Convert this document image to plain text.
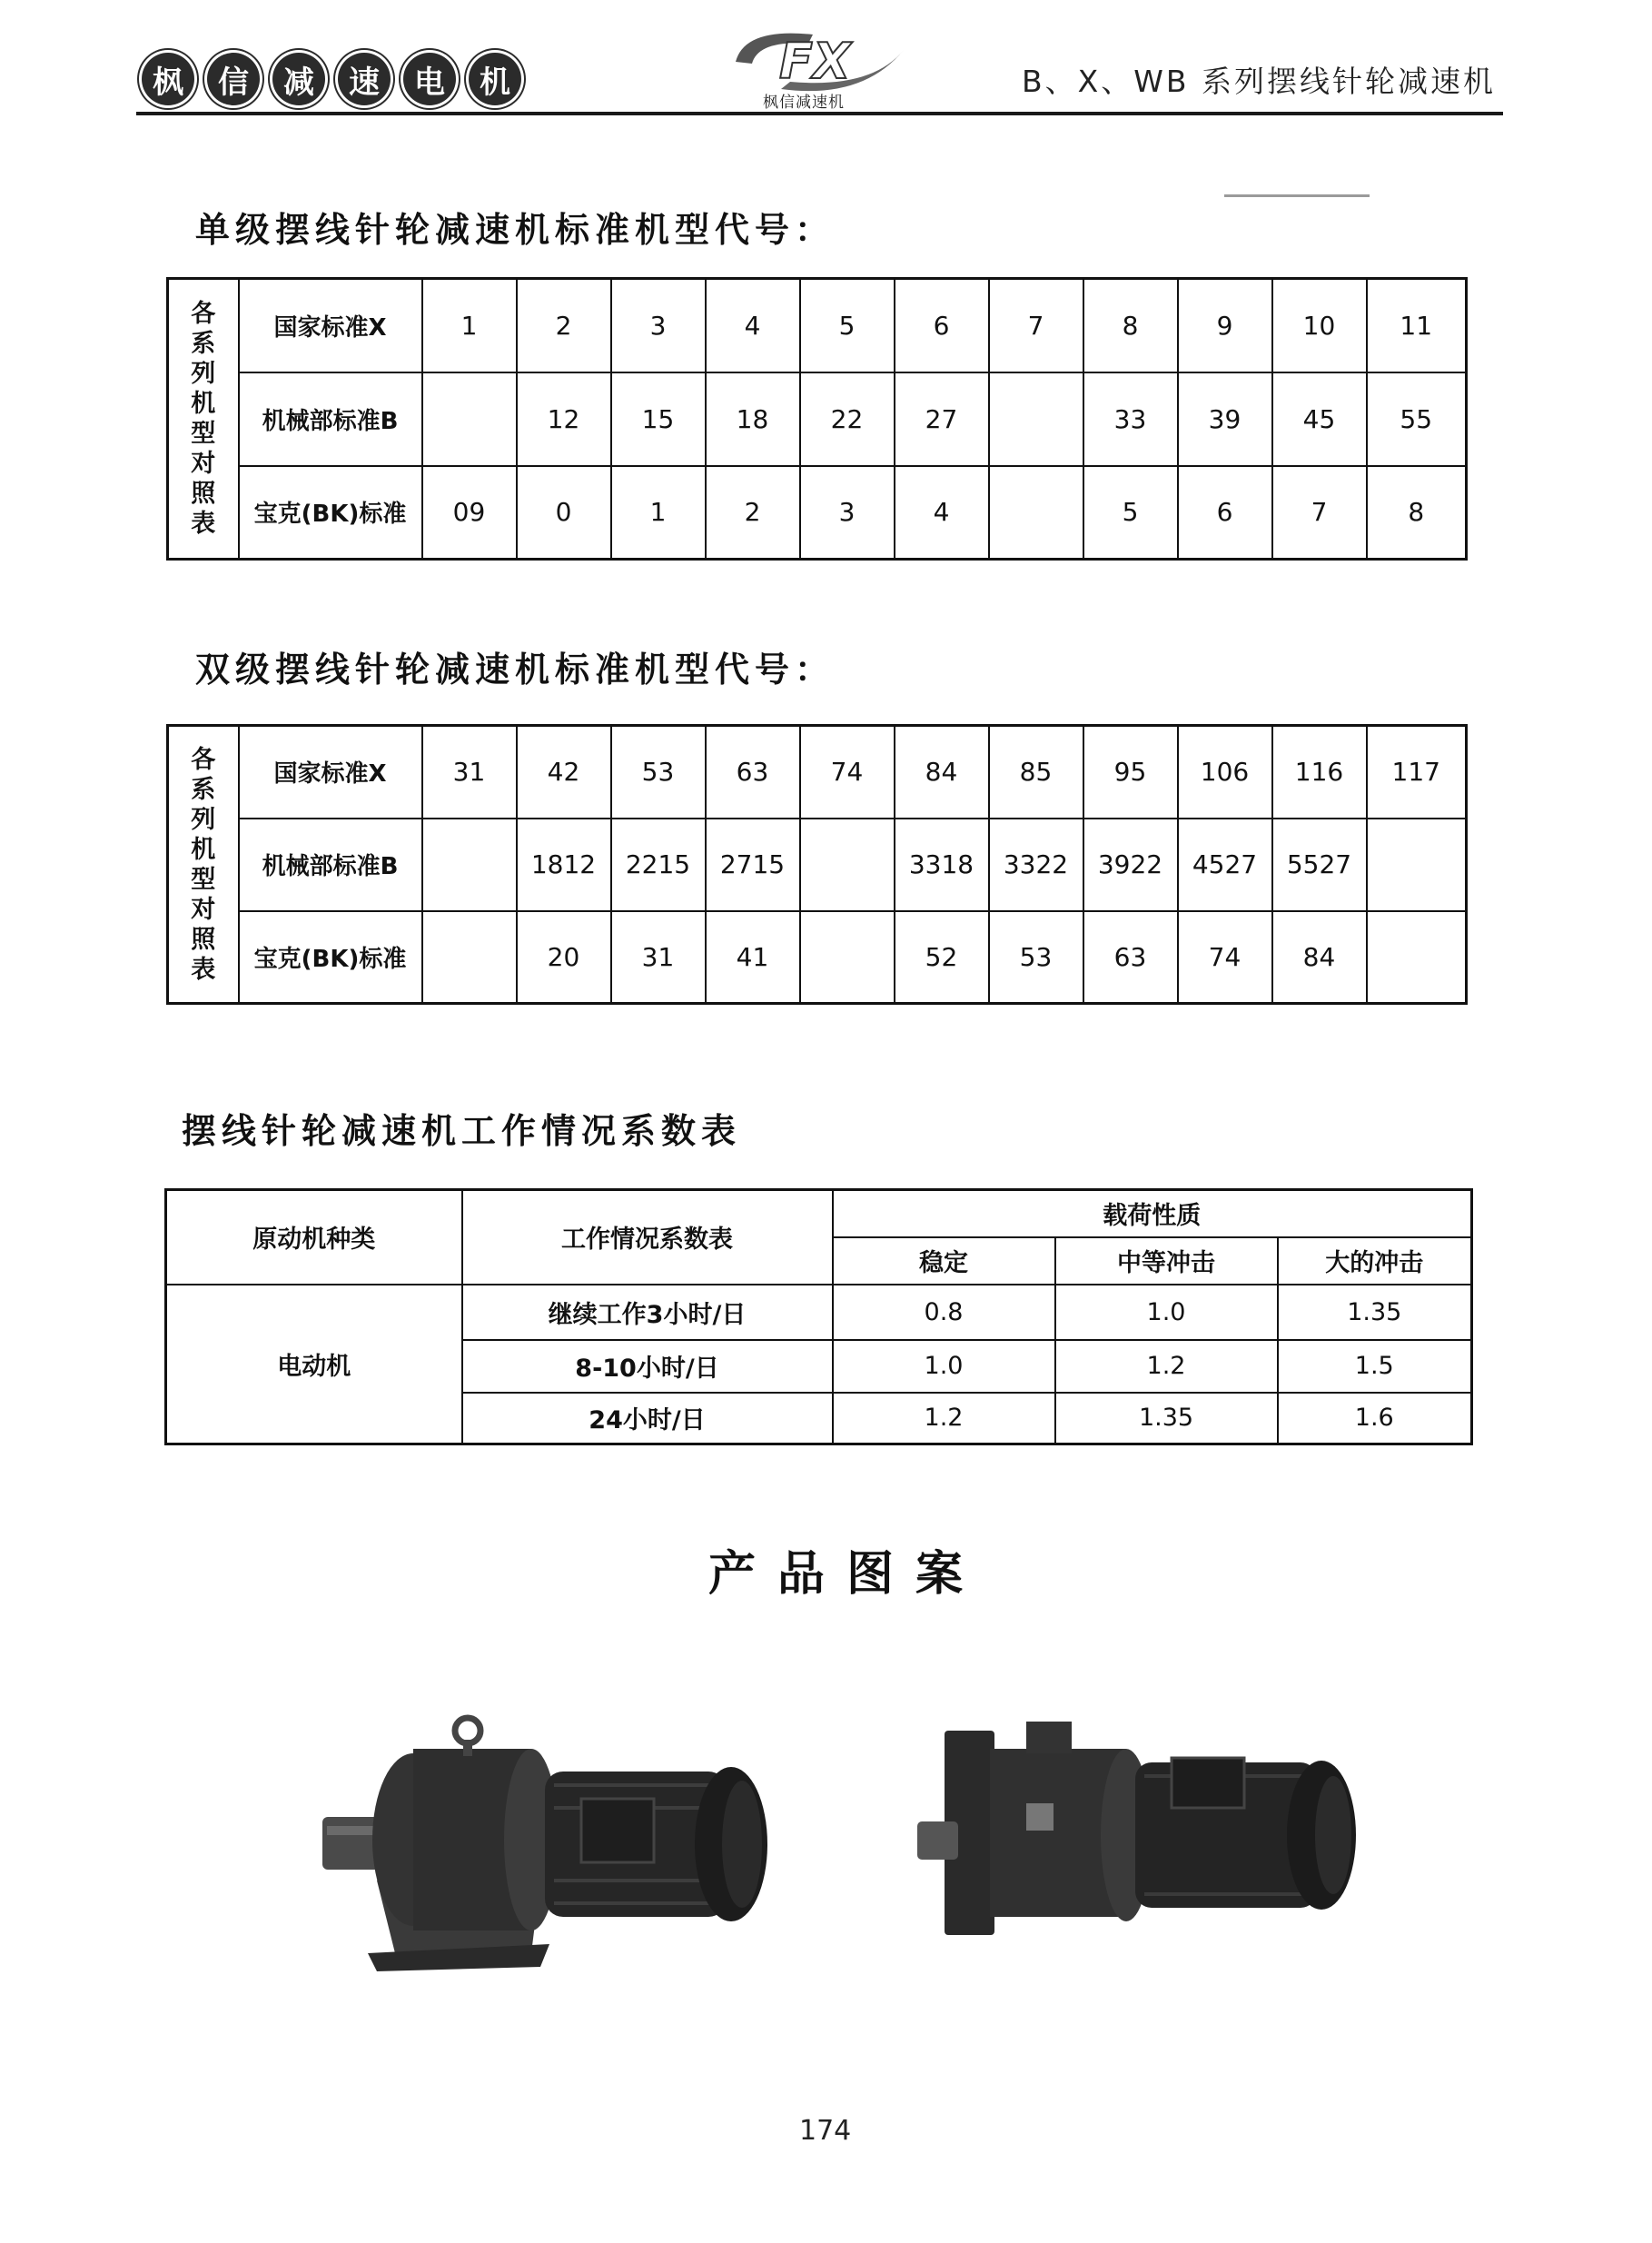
枫	信	减	速	电	机	FX
枫信减速机
B、X、WB 系列摆线针轮减速机
单级摆线针轮减速机标准机型代号：
各系列机型对照表	国家标准X	1	2	3	4	5	6	7	8	9	10	11
	机械部标准B		12	15	18	22	27		33	39	45	55
	宝克(BK)标准	09	0	1	2	3	4		5	6	7	8
双级摆线针轮减速机标准机型代号：
各系列机型对照表	国家标准X	31	42	53	63	74	84	85	95	106	116	117
	机械部标准B		1812	2215	2715		3318	3322	3922	4527	5527	
	宝克(BK)标准		20	31	41		52	53	63	74	84	
摆线针轮减速机工作情况系数表
原动机种类	工作情况系数表	载荷性质		
		稳定	中等冲击	大的冲击
电动机	继续工作3小时/日	0.8	1.0	1.35
	8-10小时/日	1.0	1.2	1.5
	24小时/日	1.2	1.35	1.6
产品图案
174
